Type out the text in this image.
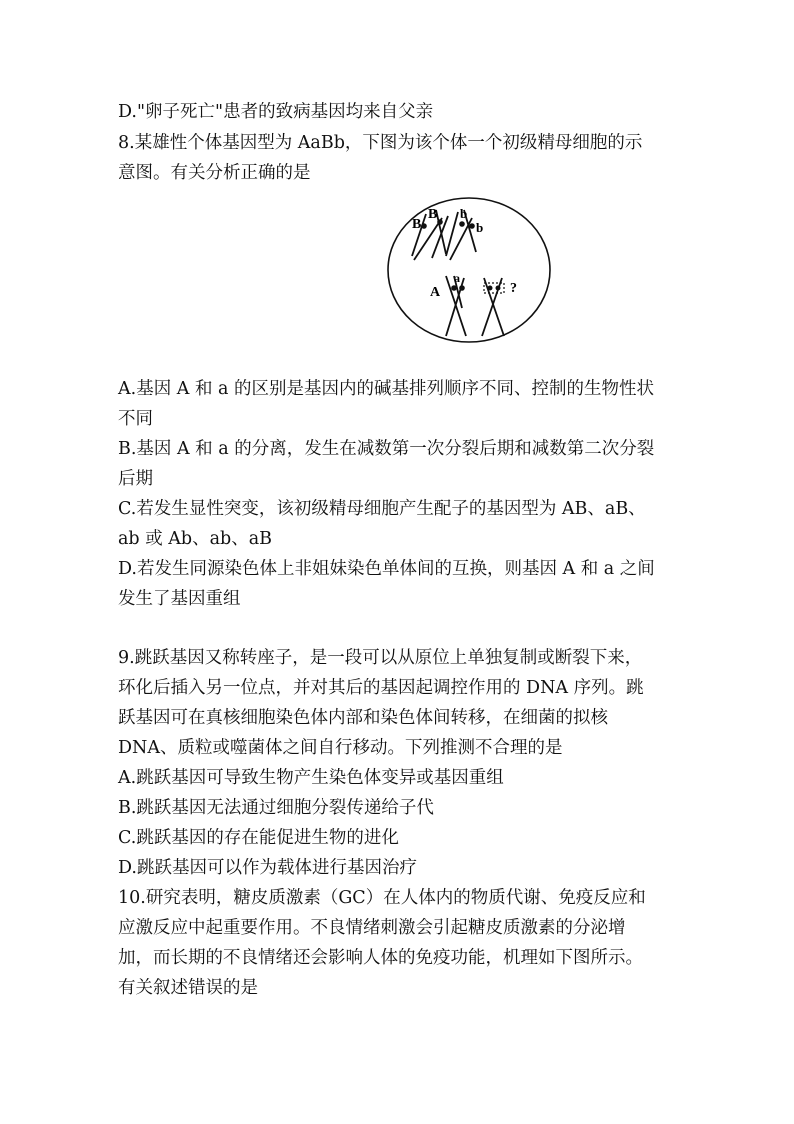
D."卵子死亡"患者的致病基因均来自父亲
8.某雄性个体基因型为 AaBb，下图为该个体一个初级精母细胞的示
意图。有关分析正确的是
B
B b
b
A
a
?
A.基因 A 和 a 的区别是基因内的碱基排列顺序不同、控制的生物性状
不同
B.基因 A 和 a 的分离，发生在减数第一次分裂后期和减数第二次分裂
后期
C.若发生显性突变，该初级精母细胞产生配子的基因型为 AB、aB、
ab 或 Ab、ab、aB
D.若发生同源染色体上非姐妹染色单体间的互换，则基因 A 和 a 之间
发生了基因重组
9.跳跃基因又称转座子，是一段可以从原位上单独复制或断裂下来，
环化后插入另一位点，并对其后的基因起调控作用的 DNA 序列。跳
跃基因可在真核细胞染色体内部和染色体间转移，在细菌的拟核
DNA、质粒或噬菌体之间自行移动。下列推测不合理的是
A.跳跃基因可导致生物产生染色体变异或基因重组
B.跳跃基因无法通过细胞分裂传递给子代
C.跳跃基因的存在能促进生物的进化
D.跳跃基因可以作为载体进行基因治疗
10.研究表明，糖皮质激素（GC）在人体内的物质代谢、免疫反应和
应激反应中起重要作用。不良情绪刺激会引起糖皮质激素的分泌增
加，而长期的不良情绪还会影响人体的免疫功能，机理如下图所示。
有关叙述错误的是
